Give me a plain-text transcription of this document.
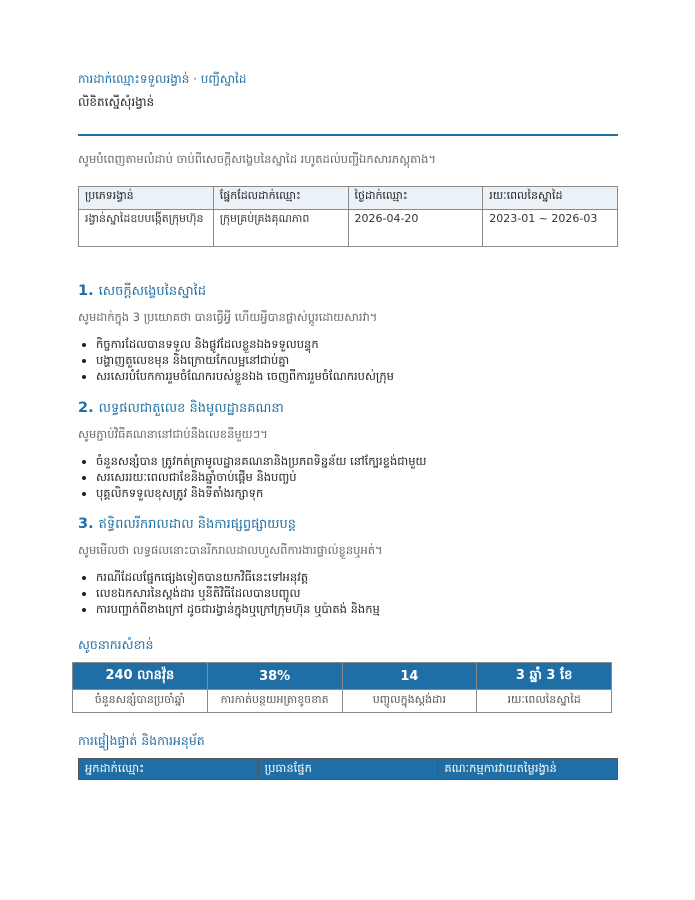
ការដាក់ឈ្មោះទទួលរង្វាន់ · បញ្ជីស្នាដៃ
លិខិតស្នើសុំរង្វាន់
សូមបំពេញតាមលំដាប់ ចាប់ពីសេចក្ដីសង្ខេបនៃស្នាដៃ រហូតដល់បញ្ជីឯកសារភស្តុតាង។
ប្រភេទរង្វាន់	ផ្នែកដែលដាក់ឈ្មោះ	ថ្ងៃដាក់ឈ្មោះ	រយៈពេលនៃស្នាដៃ
រង្វាន់ស្នាដៃឧបបង្កើតក្រុមហ៊ុន	ក្រុមគ្រប់គ្រងគុណភាព	2026-04-20	2023-01 ~ 2026-03
1. សេចក្ដីសង្ខេបនៃស្នាដៃ
សូមដាក់ក្នុង 3 ប្រយោគថា បានធ្វើអ្វី ហើយអ្វីបានផ្លាស់ប្ដូរដោយសារវា។
• កិច្ចការដែលបានទទួល និងផ្លូវដែលខ្លួនឯងទទួលបន្ទុក
• បង្ហាញតួលេខមុន និងក្រោយកែលម្អនៅជាប់គ្នា
• សរសេរបំបែកការរួមចំណែករបស់ខ្លួនឯង ចេញពីការរួមចំណែករបស់ក្រុម
2. លទ្ធផលជាតួលេខ និងមូលដ្ឋានគណនា
សូមភ្ជាប់វិធីគណនានៅជាប់នឹងលេខនីមួយៗ។
• ចំនួនសន្សំបាន ត្រូវកត់ត្រាមូលដ្ឋានគណនានិងប្រភពទិន្នន័យ នៅក្បែរខ្ទង់ជាមួយ
• សរសេររយៈពេលជាខែនិងឆ្នាំចាប់ផ្ដើម និងបញ្ចប់
• បុគ្គលិកទទួលខុសត្រូវ និងទីតាំងរក្សាទុក
3. ឥទ្ធិពលរីករាលដាល និងការផ្សព្វផ្សាយបន្ត
សូមមើលថា លទ្ធផលនោះបានរីករាលដាលហួសពីការងារផ្ទាល់ខ្លួនឬអត់។
• ករណីដែលផ្នែកផ្សេងទៀតបានយកវិធីនេះទៅអនុវត្ត
• លេខឯកសារនៃស្តង់ដារ ឬនីតិវិធីដែលបានបញ្ចូល
• ការបញ្ជាក់ពីខាងក្រៅ ដូចជារង្វាន់ក្នុងឬក្រៅក្រុមហ៊ុន ឬប៉ាតង់ និងកម្ម
សូចនាករសំខាន់
240 លានវ៉ុន	38%	14	3 ឆ្នាំ 3 ខែ
ចំនួនសន្សំបានប្រចាំឆ្នាំ	ការកាត់បន្ថយអត្រាខូចខាត	បញ្ចូលក្នុងស្តង់ដារ	រយៈពេលនៃស្នាដៃ
ការផ្ទៀងផ្ទាត់ និងការអនុម័ត
អ្នកដាក់ឈ្មោះ	ប្រធានផ្នែក	គណៈកម្មការវាយតម្លៃរង្វាន់
